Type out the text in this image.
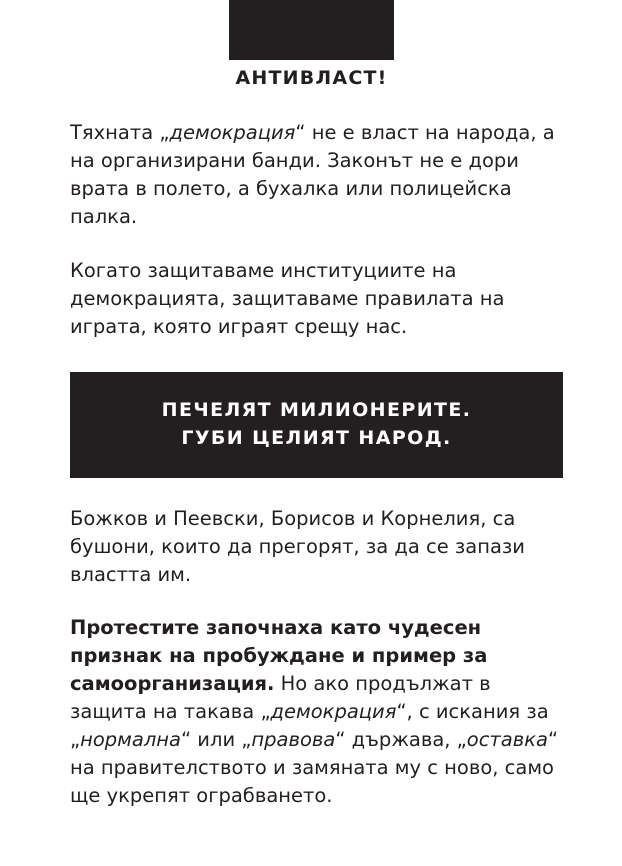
АНТИВЛАСТ!

Тяхната „демокрация“ не е власт на народа, а на организирани банди. Законът не е дори врата в полето, а бухалка или полицейска палка.

Когато защитаваме институциите на демокрацията, защитаваме правилата на играта, която играят срещу нас.

ПЕЧЕЛЯТ МИЛИОНЕРИТЕ.
ГУБИ ЦЕЛИЯТ НАРОД.

Божков и Пеевски, Борисов и Корнелия, са бушони, които да прегорят, за да се запази властта им.

Протестите започнаха като чудесен признак на пробуждане и пример за самоорганизация. Но ако продължат в защита на такава „демокрация“, с искания за „нормална“ или „правова“ държава, „оставка“ на правителството и замяната му с ново, само ще укрепят ограбването.
